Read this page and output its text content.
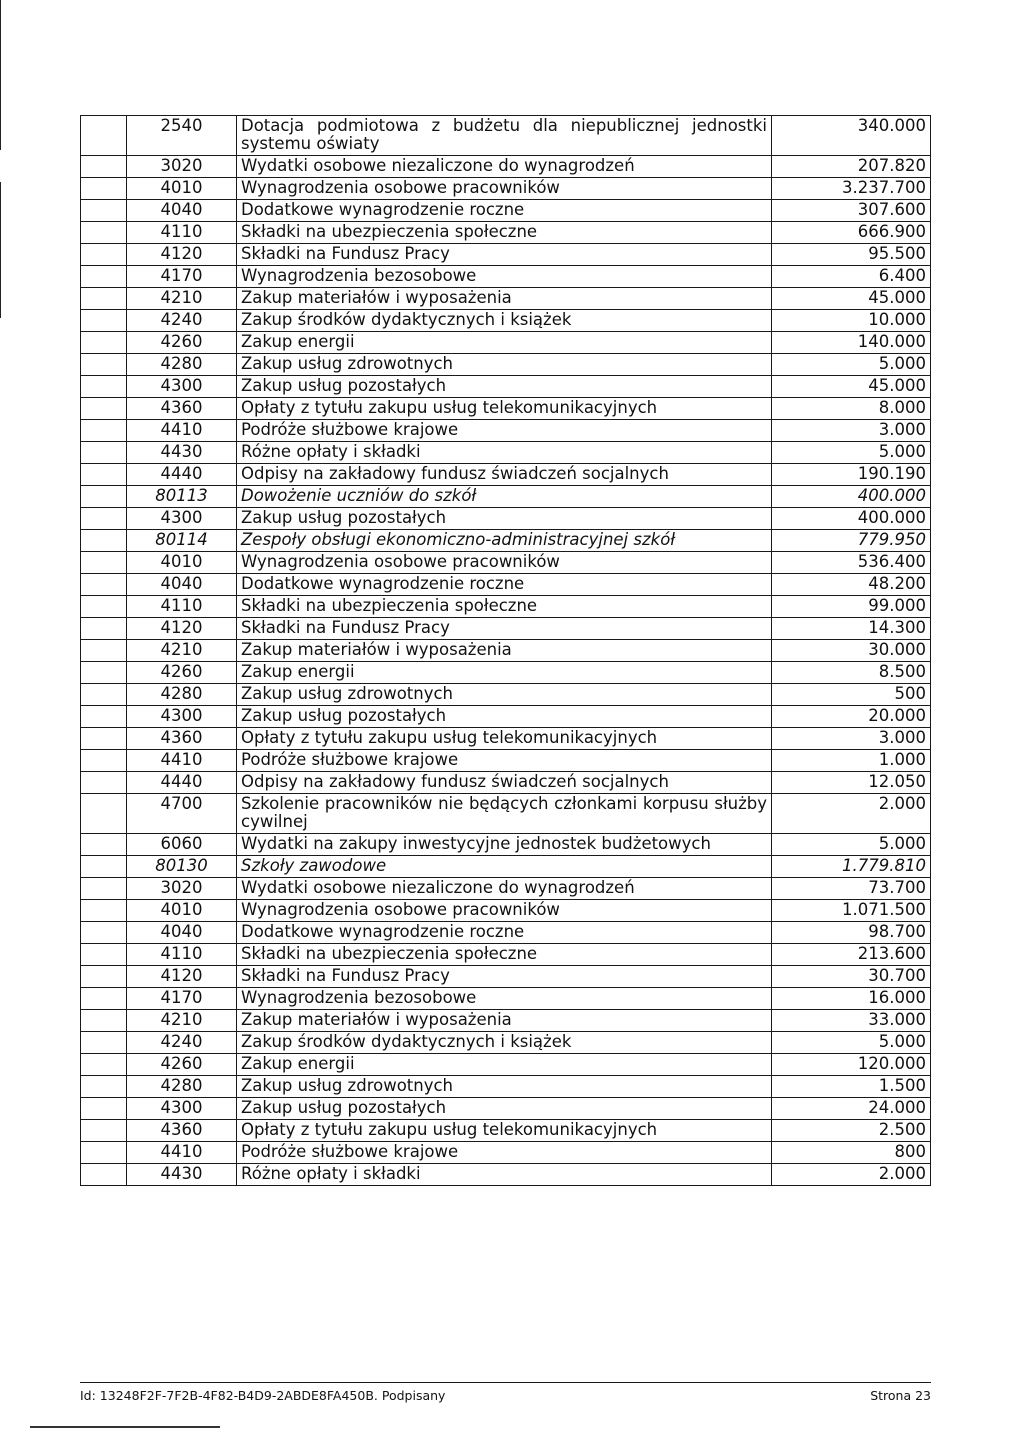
	2540	Dotacja podmiotowa z budżetu dla niepublicznej jednostki systemu oświaty	340.000
	3020	Wydatki osobowe niezaliczone do wynagrodzeń	207.820
	4010	Wynagrodzenia osobowe pracowników	3.237.700
	4040	Dodatkowe wynagrodzenie roczne	307.600
	4110	Składki na ubezpieczenia społeczne	666.900
	4120	Składki na Fundusz Pracy	95.500
	4170	Wynagrodzenia bezosobowe	6.400
	4210	Zakup materiałów i wyposażenia	45.000
	4240	Zakup środków dydaktycznych i książek	10.000
	4260	Zakup energii	140.000
	4280	Zakup usług zdrowotnych	5.000
	4300	Zakup usług pozostałych	45.000
	4360	Opłaty z tytułu zakupu usług telekomunikacyjnych	8.000
	4410	Podróże służbowe krajowe	3.000
	4430	Różne opłaty i składki	5.000
	4440	Odpisy na zakładowy fundusz świadczeń socjalnych	190.190
	80113	Dowożenie uczniów do szkół	400.000
	4300	Zakup usług pozostałych	400.000
	80114	Zespoły obsługi ekonomiczno-administracyjnej szkół	779.950
	4010	Wynagrodzenia osobowe pracowników	536.400
	4040	Dodatkowe wynagrodzenie roczne	48.200
	4110	Składki na ubezpieczenia społeczne	99.000
	4120	Składki na Fundusz Pracy	14.300
	4210	Zakup materiałów i wyposażenia	30.000
	4260	Zakup energii	8.500
	4280	Zakup usług zdrowotnych	500
	4300	Zakup usług pozostałych	20.000
	4360	Opłaty z tytułu zakupu usług telekomunikacyjnych	3.000
	4410	Podróże służbowe krajowe	1.000
	4440	Odpisy na zakładowy fundusz świadczeń socjalnych	12.050
	4700	Szkolenie pracowników nie będących członkami korpusu służby cywilnej	2.000
	6060	Wydatki na zakupy inwestycyjne jednostek budżetowych	5.000
	80130	Szkoły zawodowe	1.779.810
	3020	Wydatki osobowe niezaliczone do wynagrodzeń	73.700
	4010	Wynagrodzenia osobowe pracowników	1.071.500
	4040	Dodatkowe wynagrodzenie roczne	98.700
	4110	Składki na ubezpieczenia społeczne	213.600
	4120	Składki na Fundusz Pracy	30.700
	4170	Wynagrodzenia bezosobowe	16.000
	4210	Zakup materiałów i wyposażenia	33.000
	4240	Zakup środków dydaktycznych i książek	5.000
	4260	Zakup energii	120.000
	4280	Zakup usług zdrowotnych	1.500
	4300	Zakup usług pozostałych	24.000
	4360	Opłaty z tytułu zakupu usług telekomunikacyjnych	2.500
	4410	Podróże służbowe krajowe	800
	4430	Różne opłaty i składki	2.000
Id: 13248F2F-7F2B-4F82-B4D9-2ABDE8FA450B. Podpisany	Strona 23
